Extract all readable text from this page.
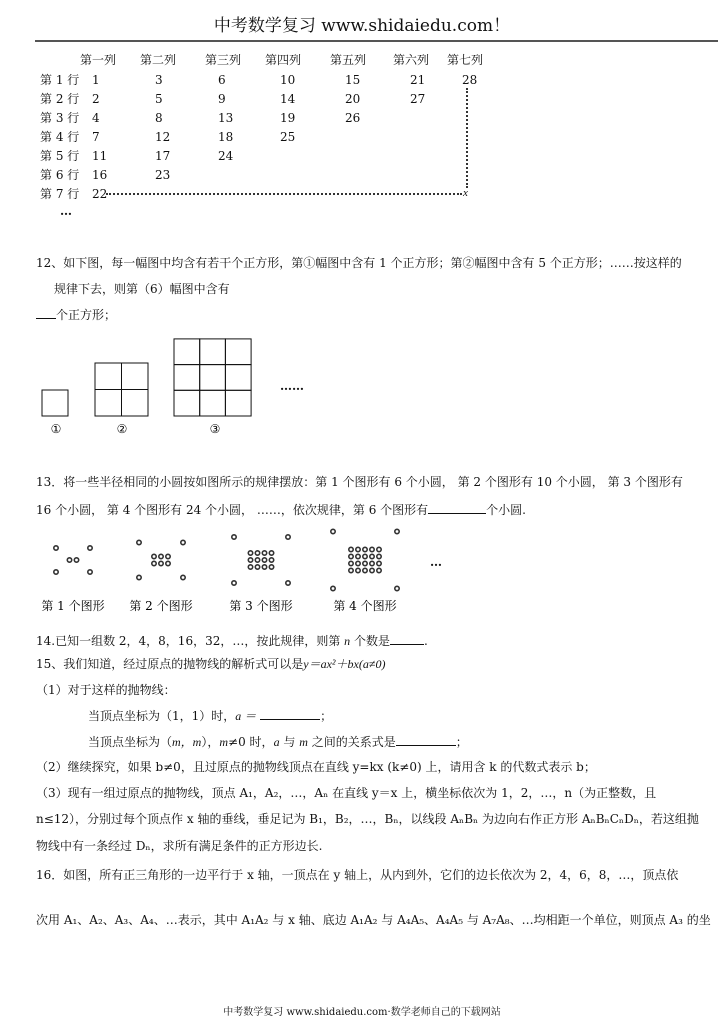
中考数学复习 www.shidaiedu.com！
第一列 第二列 第三列 第四列 第五列 第六列 第七列
第 1 行 1	3	6	10	15	21	28
第 2 行 2	5	9	14	20	27
第 3 行 4	8	13	19	26
第 4 行 7	12	18	25
第 5 行 11	17	24
第 6 行 16	23
第 7 行 22	x
…
12、如下图，每一幅图中均含有若干个正方形，第①幅图中含有 1 个正方形；第②幅图中含有 5 个正方形；……按这样的
规律下去，则第（6）幅图中含有
个正方形；
①	②	③
……
13．将一些半径相同的小圆按如图所示的规律摆放：第 1 个图形有 6 个小圆， 第 2 个图形有 10 个小圆， 第 3 个图形有
16 个小圆， 第 4 个图形有 24 个小圆， ……，依次规律，第 6 个图形有	个小圆.
第 1 个图形 第 2 个图形	第 3 个图形	第 4 个图形
…
14.已知一组数 2，4，8，16，32，…，按此规律，则第 n 个数是	.
15、我们知道，经过原点的抛物线的解析式可以是y＝ax²＋bx(a≠0)
（1）对于这样的抛物线：
当顶点坐标为（1，1）时，a ＝	；
当顶点坐标为（m，m），m≠0 时，a 与 m 之间的关系式是	；
（2）继续探究，如果 b≠0，且过原点的抛物线顶点在直线 y=kx (k≠0) 上，请用含 k 的代数式表示 b；
（3）现有一组过原点的抛物线，顶点 A₁，A₂，…，Aₙ 在直线 y＝x 上，横坐标依次为 1，2，…，n（为正整数，且
n≤12），分别过每个顶点作 x 轴的垂线，垂足记为 B₁，B₂，…，Bₙ，以线段 AₙBₙ 为边向右作正方形 AₙBₙCₙDₙ，若这组抛
物线中有一条经过 Dₙ，求所有满足条件的正方形边长.
16．如图，所有正三角形的一边平行于 x 轴，一顶点在 y 轴上，从内到外，它们的边长依次为 2，4，6，8，…，顶点依
次用 A₁、A₂、A₃、A₄、…表示，其中 A₁A₂ 与 x 轴、底边 A₁A₂ 与 A₄A₅、A₄A₅ 与 A₇A₈、…均相距一个单位，则顶点 A₃ 的坐
中考数学复习 www.shidaiedu.com·数学老师自己的下载网站
